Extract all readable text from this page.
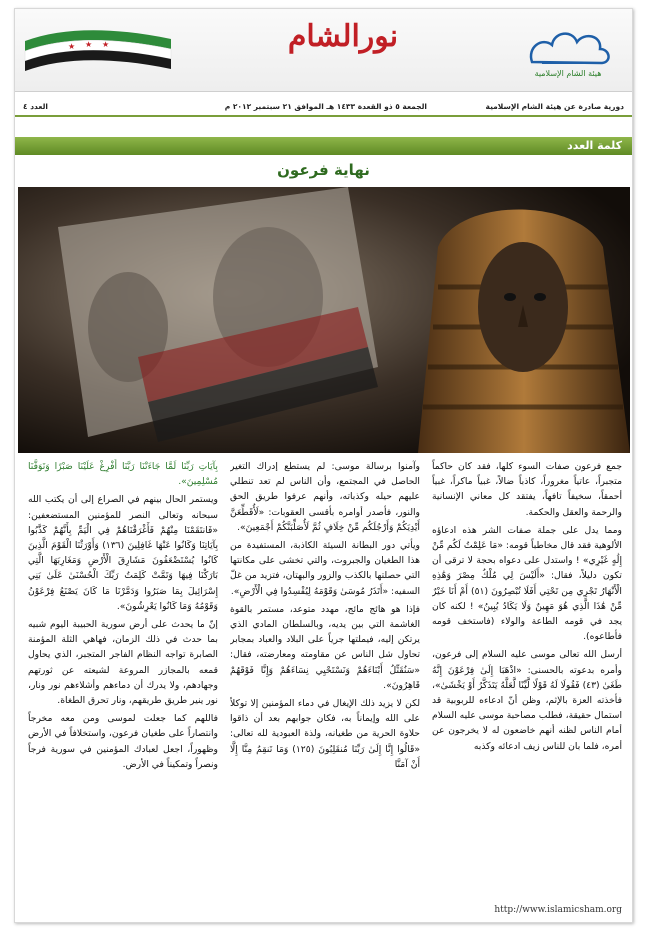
★ ★ ★	نورالشام
هيئة الشام الإسلامية
دورية صادرة عن هيئة الشام الإسلامية
الجمعة ٥ ذو القعدة ١٤٣٣ هـ الموافق ٢١ سبتمبر ٢٠١٢ م
العدد ٤
كلمة العدد
نهاية فرعون

جمع فرعون صفات السوء كلها، فقد كان حاكماً متجبراً، عاتياً مغروراً، كاذباً ضالاً، غبياً ماكراً، غبياً أحمقاً، سخيفاً تافهاً، يفتقد كل معاني الإنسانية والرحمة والعقل والحكمة.

ومما يدل على جملة صفات الشر هذه ادعاؤه الألوهية فقد قال مخاطباً قومه: «مَا عَلِمْتُ لَكُم مِّنْ إِلَٰهٍ غَيْرِي» ! واستدل على دعواه بحجة لا ترقى أن تكون دليلاً، فقال: «أَلَيْسَ لِي مُلْكُ مِصْرَ وَهَٰذِهِ الْأَنْهَارُ تَجْرِي مِن تَحْتِي أَفَلَا تُبْصِرُونَ (٥١) أَمْ أَنَا خَيْرٌ مِّنْ هَٰذَا الَّذِي هُوَ مَهِينٌ وَلَا يَكَادُ يُبِينُ» ! لكنه كان يجد في قومه الطاعة والولاء (فاستخف قومه فأطاعوه).

أرسل الله تعالى موسى عليه السلام إلى فرعون، وأمره بدعوته بالحسنى: «اذْهَبَا إِلَىٰ فِرْعَوْنَ إِنَّهُ طَغَىٰ (٤٣) فَقُولَا لَهُ قَوْلًا لَّيِّنًا لَّعَلَّهُ يَتَذَكَّرُ أَوْ يَخْشَىٰ»، فأخذته العزة بالإثم، وظن أنّ ادعاءه للربوبية قد استمال حقيقة، فطلب مصاحبة موسى عليه السلام أمام الناس لظنه أنهم خاضعون له لا يخرجون عن أمره، فلما بان للناس زيف ادعائه وكذبه

وآمنوا برسالة موسى: لم يستطع إدراك التغير الحاصل في المجتمع، وأن الناس لم تعد تنطلي عليهم حيله وكذباته، وأنهم عرفوا طريق الحق والنور، فأصدر أوامره بأقسى العقوبات: «لَأُقَطِّعَنَّ أَيْدِيَكُمْ وَأَرْجُلَكُم مِّنْ خِلَافٍ ثُمَّ لَأُصَلِّبَنَّكُمْ أَجْمَعِينَ».

ويأتي دور البطانة السيئة الكاذبة، المستفيدة من هذا الطغيان والجبروت، والتي تخشى على مكانتها التي حصلتها بالكذب والزور والبهتان، فتزيد من غلّ السفيه: «أَتَذَرُ مُوسَىٰ وَقَوْمَهُ لِيُفْسِدُوا فِي الْأَرْضِ».

فإذا هو هائج مائج، مهدد متوعد، مستمر بالقوة الغاشمة التي بين يديه، وبالسلطان المادي الذي يرتكن إليه، فيملتها جرياً على البلاد والعباد بمجابر تحاول شل الناس عن مقاومته ومعارضته، فقال: «سَنُقَتِّلُ أَبْنَاءَهُمْ وَنَسْتَحْيِي نِسَاءَهُمْ وَإِنَّا فَوْقَهُمْ قَاهِرُونَ».

لكن لا يزيد ذلك الإيغال في دماء المؤمنين إلا توكلاً على الله وإيماناً به، فكان جوابهم بعد أن ذاقوا حلاوة الحرية من طغيانه، ولذة العبودية لله تعالى: «قَالُوا إِنَّا إِلَىٰ رَبِّنَا مُنقَلِبُونَ (١٢٥) وَمَا تَنقِمُ مِنَّا إِلَّا أَنْ آمَنَّا

بِآيَاتِ رَبِّنَا لَمَّا جَاءَتْنَا رَبَّنَا أَفْرِغْ عَلَيْنَا صَبْرًا وَتَوَفَّنَا مُسْلِمِينَ».

ويستمر الحال بينهم في الصراع إلى أن يكتب الله سبحانه وتعالى النصر للمؤمنين المستضعفين: «فَانتَقَمْنَا مِنْهُمْ فَأَغْرَقْنَاهُمْ فِي الْيَمِّ بِأَنَّهُمْ كَذَّبُوا بِآيَاتِنَا وَكَانُوا عَنْهَا غَافِلِينَ (١٣٦) وَأَوْرَثْنَا الْقَوْمَ الَّذِينَ كَانُوا يُسْتَضْعَفُونَ مَشَارِقَ الْأَرْضِ وَمَغَارِبَهَا الَّتِي بَارَكْنَا فِيهَا وَتَمَّتْ كَلِمَتُ رَبِّكَ الْحُسْنَىٰ عَلَىٰ بَنِي إِسْرَائِيلَ بِمَا صَبَرُوا وَدَمَّرْنَا مَا كَانَ يَصْنَعُ فِرْعَوْنُ وَقَوْمُهُ وَمَا كَانُوا يَعْرِشُونَ».

إنّ ما يحدث على أرض سورية الحبيبة اليوم شبيه بما حدث في ذلك الزمان، فهاهي الثلة المؤمنة الصابرة تواجه النظام الفاجر المتجبر، الذي يحاول قمعه بالمجازر المروعة لشيعته عن ثورتهم وجهادهم، ولا يدرك أن دماءهم وأشلاءهم نور ونار، نور ينير طريق طريقهم، ونار تحرق الطغاة.

فاللهم كما جعلت لموسى ومن معه مخرجاً وانتصاراً على طغيان فرعون، واستخلافاً في الأرض وظهوراً، اجعل لعبادك المؤمنين في سورية فرجاً ونصراً وتمكيناً في الأرض.

http://www.islamicsham.org
